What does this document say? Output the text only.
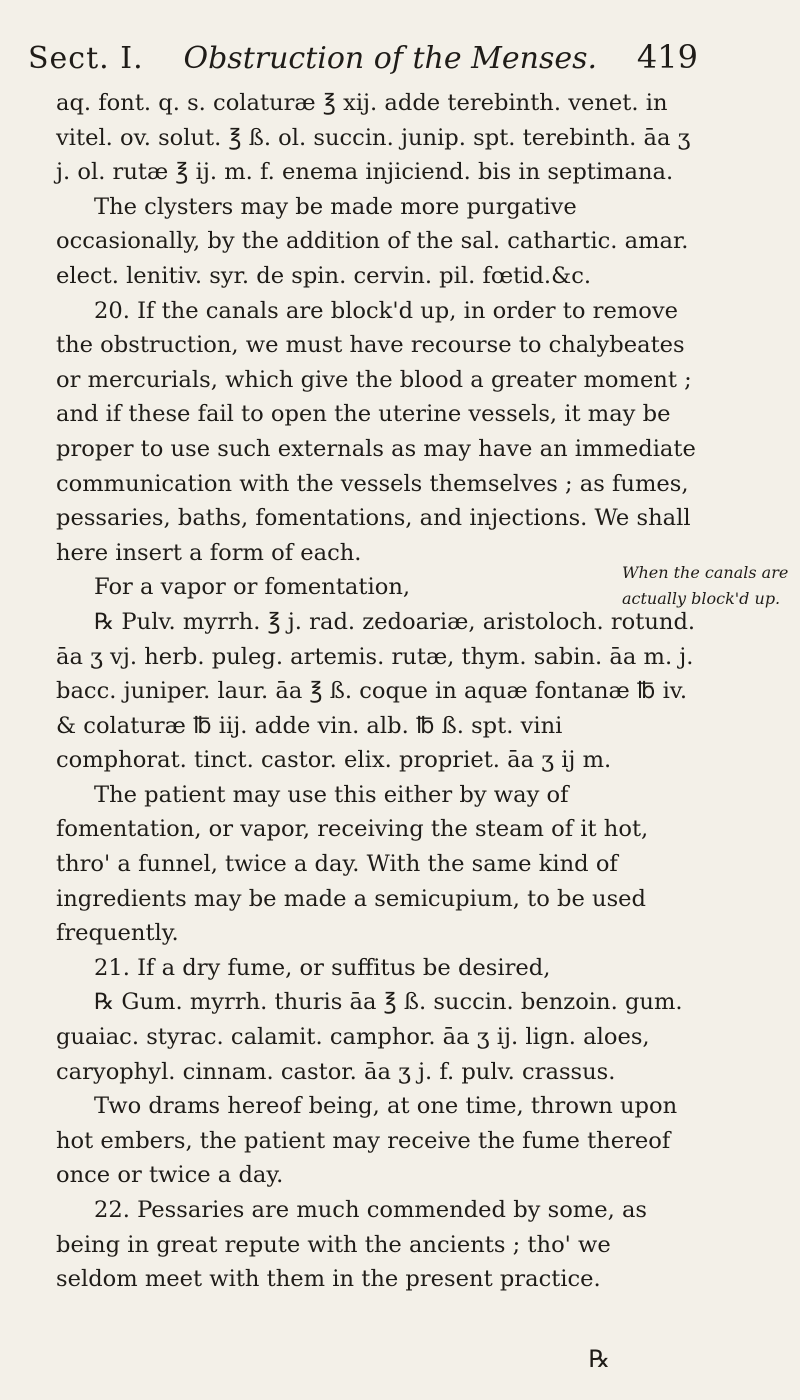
Sect. I. Obstruction of the Menses. 419

aq. font. q. s. colaturæ ℥ xij. adde terebinth. venet. in vitel. ov. solut. ℥ ß. ol. succin. junip. spt. terebinth. āa ʒ j. ol. rutæ ℥ ij. m. f. enema injiciend. bis in septimana.

The clysters may be made more purgative occasionally, by the addition of the sal. cathartic. amar. elect. lenitiv. syr. de spin. cervin. pil. fœtid.&c.

20. If the canals are block'd up, in order to remove the obstruction, we must have recourse to chalybeates or mercurials, which give the blood a greater moment ; and if these fail to open the uterine vessels, it may be proper to use such externals as may have an immediate communication with the vessels themselves ; as fumes, pessaries, baths, fomentations, and injections. We shall here insert a form of each.

For a vapor or fomentation,

℞ Pulv. myrrh. ℥ j. rad. zedoariæ, aristoloch. rotund. āa ʒ vj. herb. puleg. artemis. rutæ, thym. sabin. āa m. j. bacc. juniper. laur. āa ℥ ß. coque in aquæ fontanæ ℔ iv. & colaturæ ℔ iij. adde vin. alb. ℔ ß. spt. vini comphorat. tinct. castor. elix. propriet. āa ʒ ij m.

The patient may use this either by way of fomentation, or vapor, receiving the steam of it hot, thro' a funnel, twice a day. With the same kind of ingredients may be made a semicupium, to be used frequently.

21. If a dry fume, or suffitus be desired,

℞ Gum. myrrh. thuris āa ℥ ß. succin. benzoin. gum. guaiac. styrac. calamit. camphor. āa ʒ ij. lign. aloes, caryophyl. cinnam. castor. āa ʒ j. f. pulv. crassus.

Two drams hereof being, at one time, thrown upon hot embers, the patient may receive the fume thereof once or twice a day.

22. Pessaries are much commended by some, as being in great repute with the ancients ; tho' we seldom meet with them in the present practice.

When the canals are actually block'd up.
℞
